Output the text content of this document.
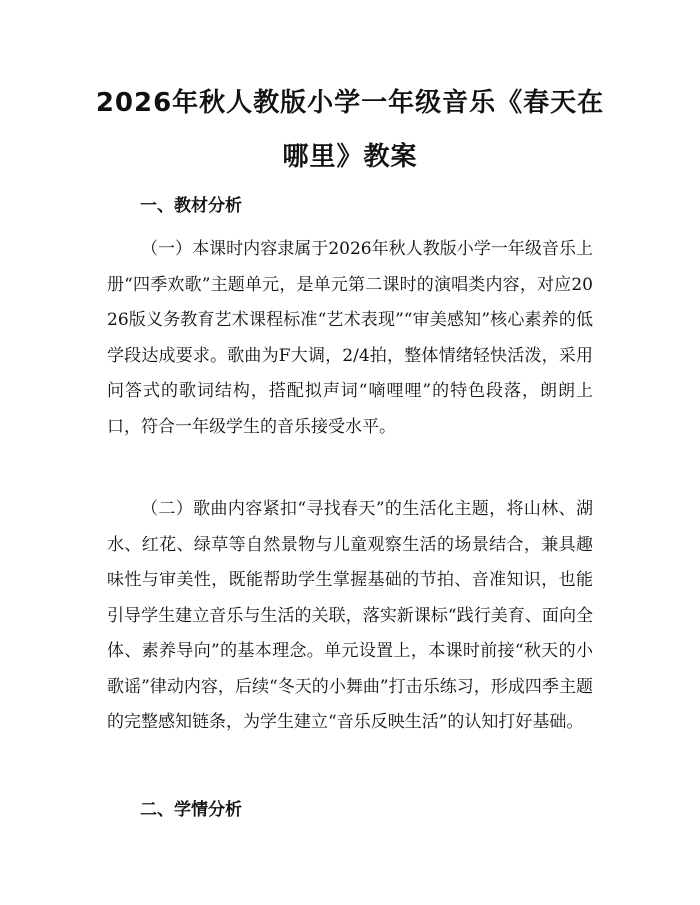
2026年秋人教版小学一年级音乐《春天在哪里》教案
一、教材分析

（一）本课时内容隶属于2026年秋人教版小学一年级音乐上册“四季欢歌”主题单元，是单元第二课时的演唱类内容，对应2026版义务教育艺术课程标准“艺术表现”“审美感知”核心素养的低学段达成要求。歌曲为F大调，2/4拍，整体情绪轻快活泼，采用问答式的歌词结构，搭配拟声词“嘀哩哩”的特色段落，朗朗上口，符合一年级学生的音乐接受水平。

（二）歌曲内容紧扣“寻找春天”的生活化主题，将山林、湖水、红花、绿草等自然景物与儿童观察生活的场景结合，兼具趣味性与审美性，既能帮助学生掌握基础的节拍、音准知识，也能引导学生建立音乐与生活的关联，落实新课标“践行美育、面向全体、素养导向”的基本理念。单元设置上，本课时前接“秋天的小歌谣”律动内容，后续“冬天的小舞曲”打击乐练习，形成四季主题的完整感知链条，为学生建立“音乐反映生活”的认知打好基础。

二、学情分析
